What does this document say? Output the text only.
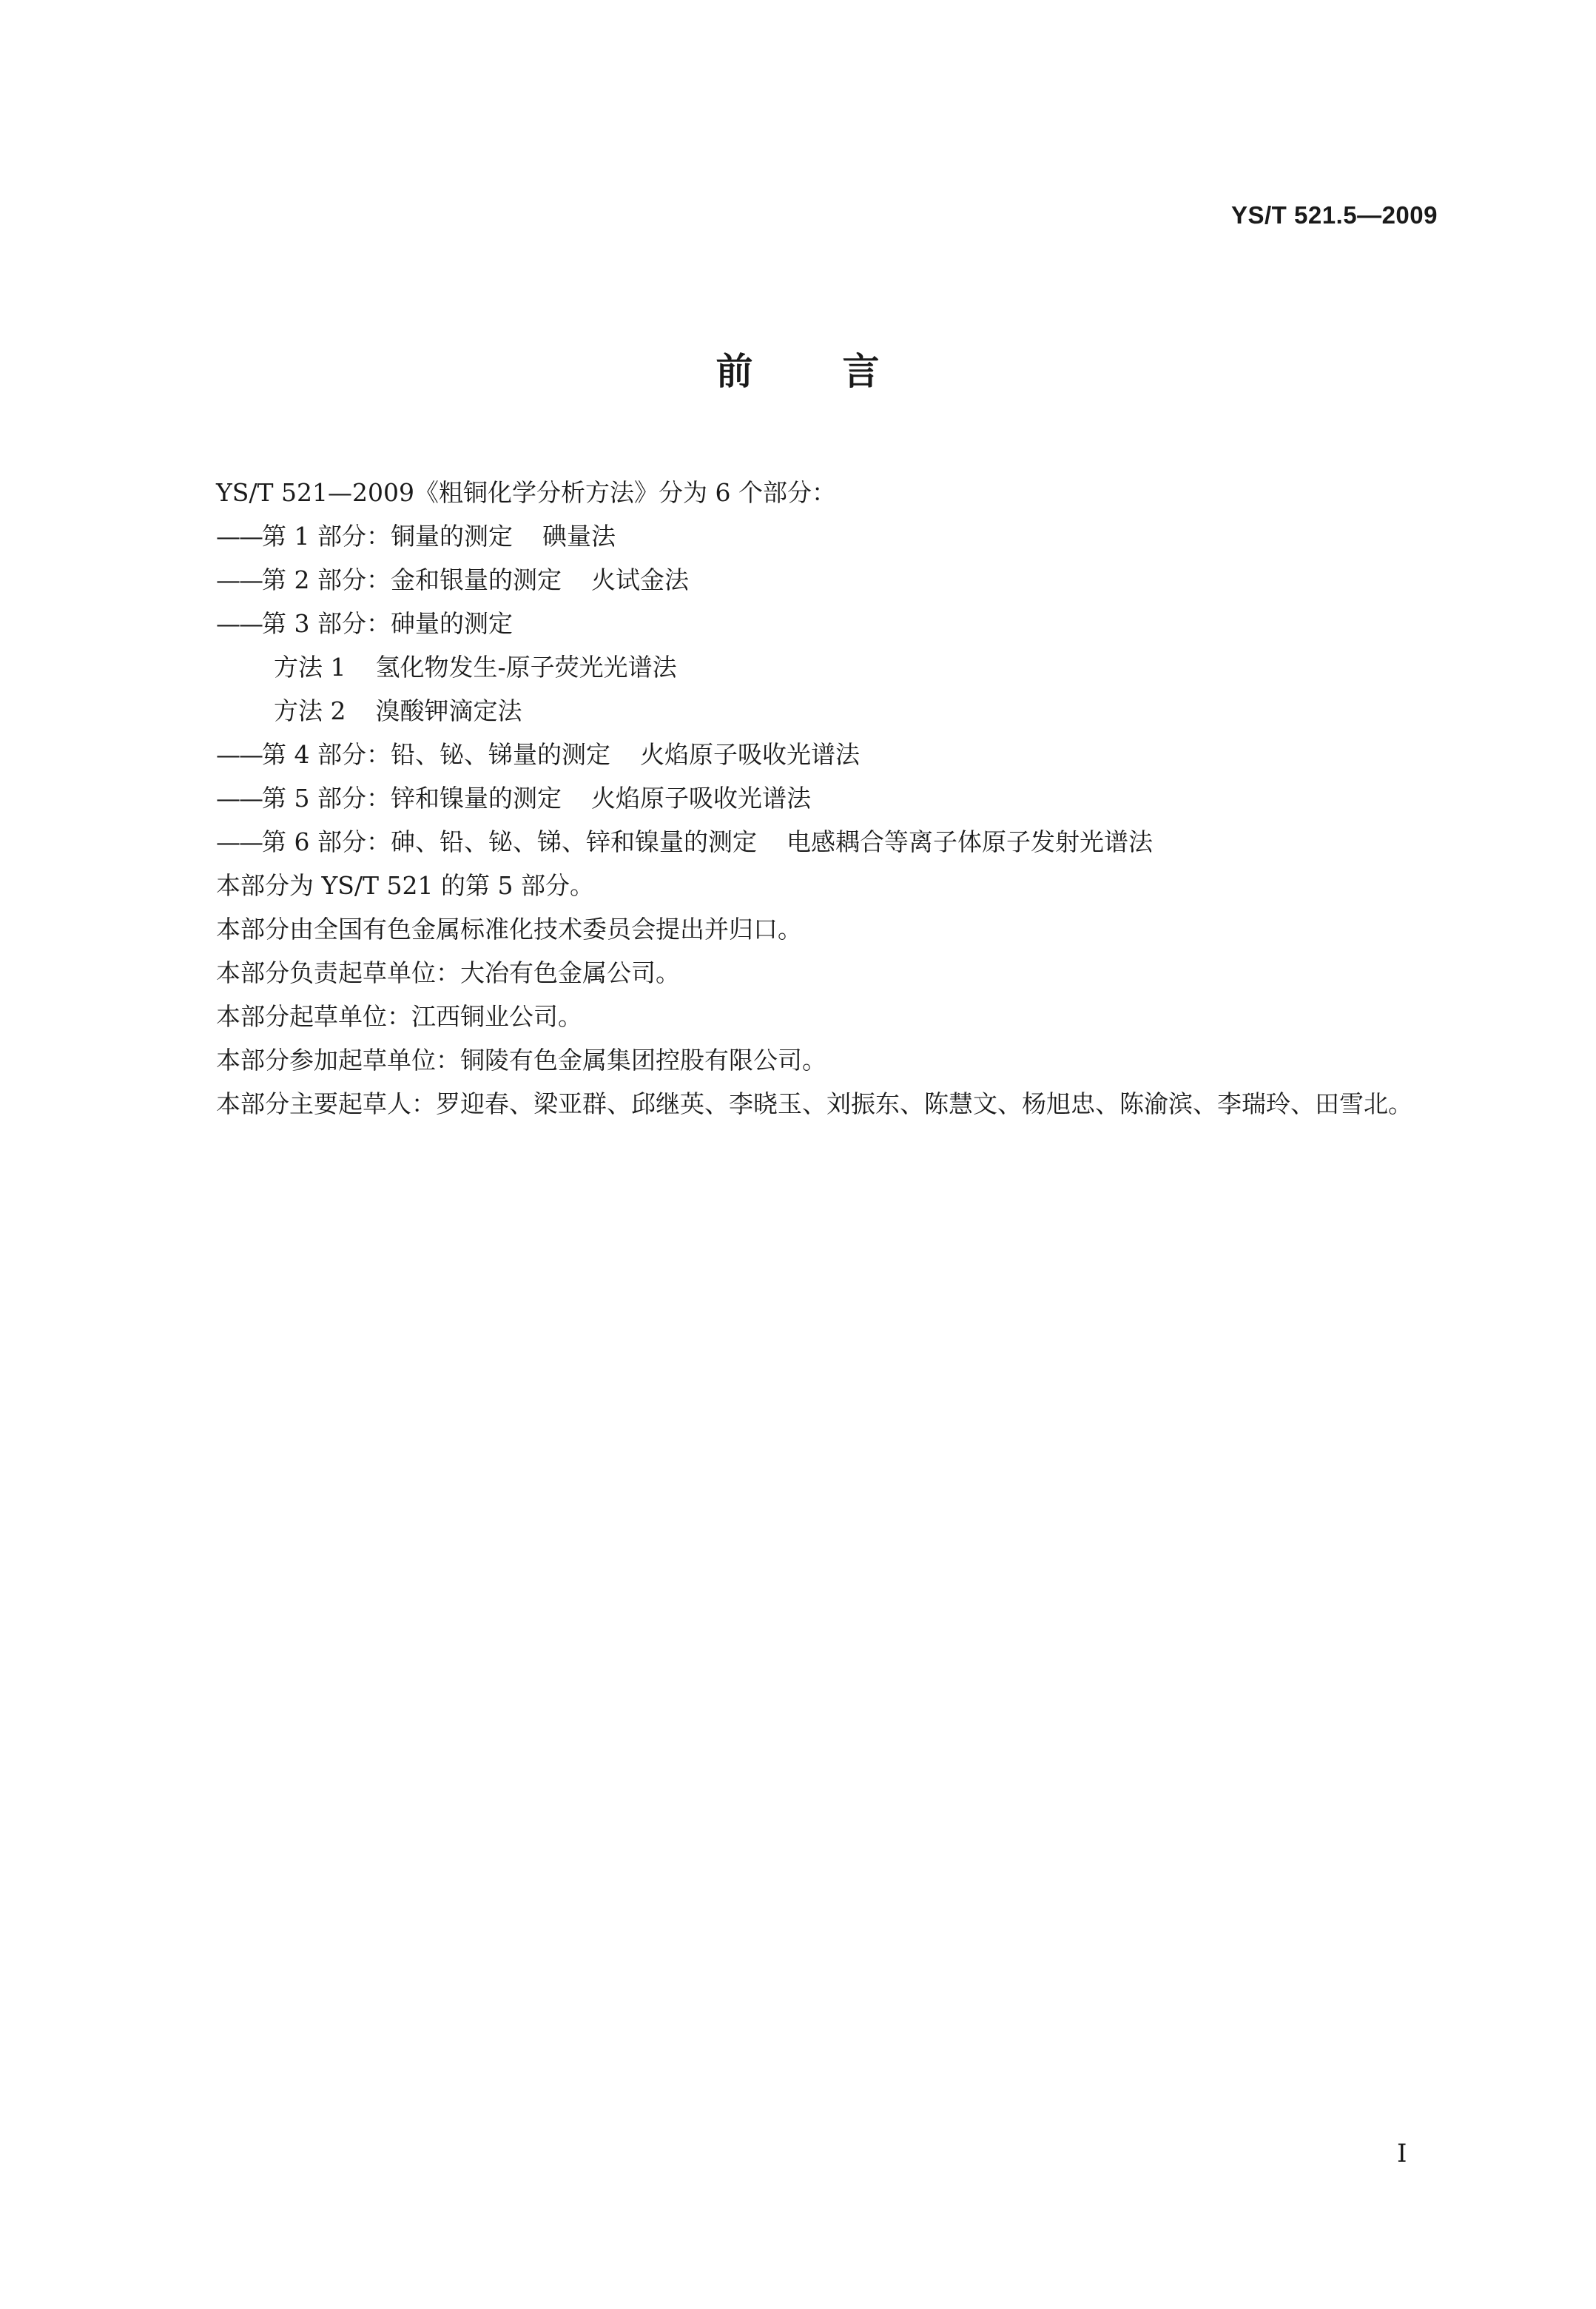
YS/T 521.5—2009
前 言
YS/T 521—2009《粗铜化学分析方法》分为 6 个部分：
——第 1 部分：铜量的测定 碘量法
——第 2 部分：金和银量的测定 火试金法
——第 3 部分：砷量的测定
方法 1 氢化物发生-原子荧光光谱法
方法 2 溴酸钾滴定法
——第 4 部分：铅、铋、锑量的测定 火焰原子吸收光谱法
——第 5 部分：锌和镍量的测定 火焰原子吸收光谱法
——第 6 部分：砷、铅、铋、锑、锌和镍量的测定 电感耦合等离子体原子发射光谱法
本部分为 YS/T 521 的第 5 部分。
本部分由全国有色金属标准化技术委员会提出并归口。
本部分负责起草单位：大冶有色金属公司。
本部分起草单位：江西铜业公司。
本部分参加起草单位：铜陵有色金属集团控股有限公司。
本部分主要起草人：罗迎春、梁亚群、邱继英、李晓玉、刘振东、陈慧文、杨旭忠、陈渝滨、李瑞玲、田雪北。
I
